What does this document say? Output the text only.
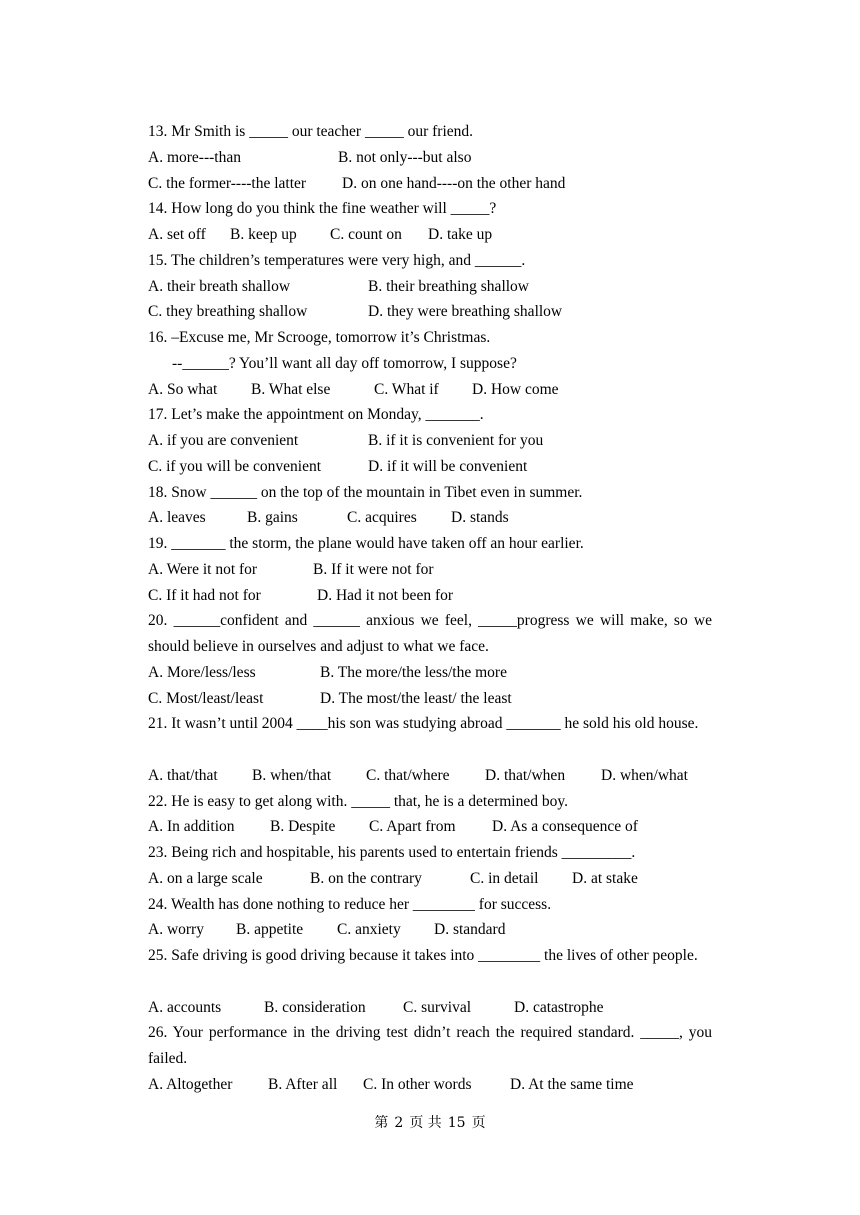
13. Mr Smith is _____ our teacher _____ our friend.
A. more---than	B. not only---but also
C. the former----the latter D. on one hand----on the other hand
14. How long do you think the fine weather will _____?
A. set off B. keep up C. count on D. take up
15. The children’s temperatures were very high, and ______.
A. their breath shallow	B. their breathing shallow
C. they breathing shallow	D. they were breathing shallow
16. –Excuse me, Mr Scrooge, tomorrow it’s Christmas.
--______? You’ll want all day off tomorrow, I suppose?
A. So what B. What else	C. What if D. How come
17. Let’s make the appointment on Monday, _______.
A. if you are convenient	B. if it is convenient for you
C. if you will be convenient	D. if it will be convenient
18. Snow ______ on the top of the mountain in Tibet even in summer.
A. leaves	B. gains	C. acquires D. stands
19. _______ the storm, the plane would have taken off an hour earlier.
A. Were it not for	B. If it were not for
C. If it had not for	D. Had it not been for
20. ______confident and ______ anxious we feel, _____progress we will make, so we should believe in ourselves and adjust to what we face.
A. More/less/less	B. The more/the less/the more
C. Most/least/least	D. The most/the least/ the least
21. It wasn’t until 2004 ____his son was studying abroad _______ he sold his old house.
A. that/that B. when/that C. that/where D. that/when D. when/what
22. He is easy to get along with. _____ that, he is a determined boy.
A. In addition B. Despite C. Apart from D. As a consequence of
23. Being rich and hospitable, his parents used to entertain friends _________.
A. on a large scale	B. on the contrary	C. in detail D. at stake
24. Wealth has done nothing to reduce her ________ for success.
A. worry B. appetite C. anxiety D. standard
25. Safe driving is good driving because it takes into ________ the lives of other people.
A. accounts	B. consideration C. survival	D. catastrophe
26. Your performance in the driving test didn’t reach the required standard. _____, you failed.
A. Altogether B. After all C. In other words D. At the same time
第 2 页 共 15 页
